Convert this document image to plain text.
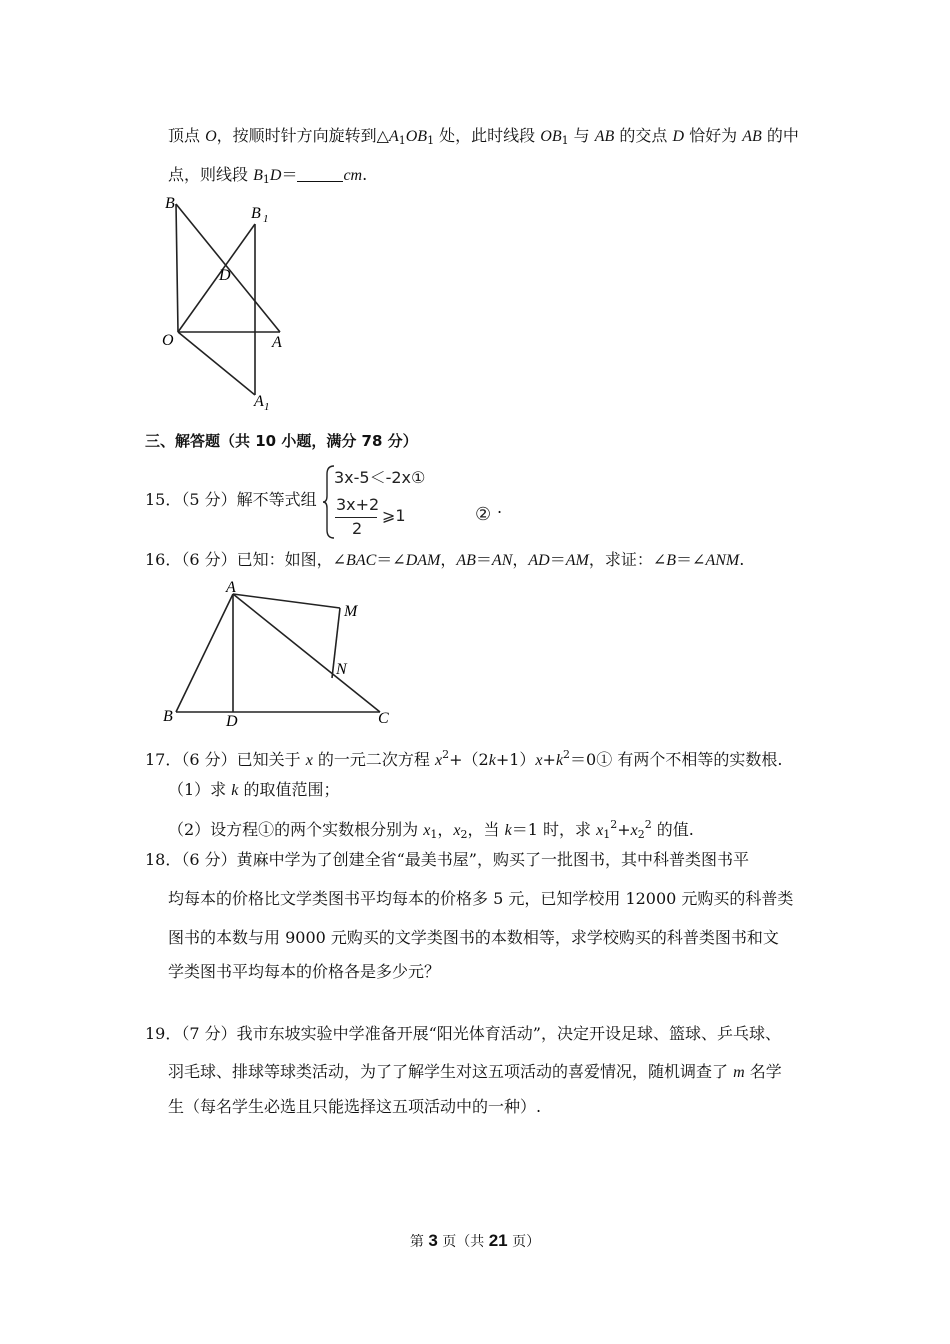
顶点 O，按顺时针方向旋转到$\triangle A_1OB_1$ 处，此时线段 $OB_1$ 与 AB 的交点 D 恰好为 AB 的中
点，则线段 $B_1D=$	cm.
B
B 1
D
O	A
A 1
三、解答题（共 10 小题，满分 78 分）
15．（5 分）解不等式组
3x-5＜-2x①
3x+2
2
⩾1	② .
16．（6 分）已知：如图，∠BAC＝∠DAM，AB＝AN，AD＝AM，求证：∠B＝∠ANM.
A
M
N
B	D	C
17．（6 分）已知关于 x 的一元二次方程 $x^2+(2k+1)x+k^2=0①$ 有两个不相等的实数根.
（1）求 k 的取值范围；
（2）设方程①的两个实数根分别为 $x_1$，$x_2$，当 k＝1 时，求 $x_1^2+x_2^2$ 的值.
18．（6 分）黄麻中学为了创建全省“最美书屋”，购买了一批图书，其中科普类图书平
均每本的价格比文学类图书平均每本的价格多 5 元，已知学校用 12000 元购买的科普类
图书的本数与用 9000 元购买的文学类图书的本数相等，求学校购买的科普类图书和文
学类图书平均每本的价格各是多少元？
19．（7 分）我市东坡实验中学准备开展“阳光体育活动”，决定开设足球、篮球、乒乓球、
羽毛球、排球等球类活动，为了了解学生对这五项活动的喜爱情况，随机调查了 m 名学
生（每名学生必选且只能选择这五项活动中的一种）.
第 3 页（共 21 页）
